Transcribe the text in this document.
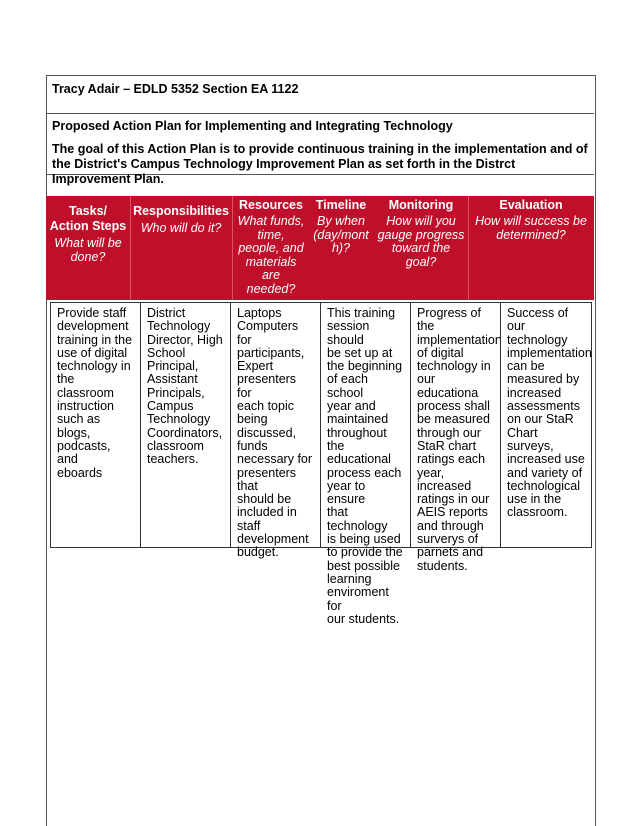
Tracy Adair – EDLD 5352 Section EA 1122
Proposed Action Plan for Implementing and Integrating Technology
The goal of this Action Plan is to provide continuous training in the implementation and of the District's Campus Technology Improvement Plan as set forth in the Distrct Improvement Plan.
Tasks/
Action Steps
What will be
done?
Responsibilities
Who will do it?
Resources
What funds,
time,
people, and
materials
are
needed?
Timeline
By when
(day/mont
h)?
Monitoring
How will you
gauge progress
toward the
goal?
Evaluation
How will success be
determined?
Provide staff
development
training in the
use of digital
technology in
the classroom
instruction
such as blogs,
podcasts, and
eboards
District
Technology
Director, High
School
Principal,
Assistant
Principals,
Campus
Technology
Coordinators,
classroom
teachers.
Laptops
Computers for
participants,
Expert
presenters for
each topic
being
discussed,
funds
necessary for
presenters that
should be
included in
staff
development
budget.
This training
session should
be set up at
the beginning
of each school
year and
maintained
throughout the
educational
process each
year to ensure
that technology
is being used
to provide the
best possible
learning
enviroment for
our students.
Progress of the
implementation
of digital
technology in
our educationa
process shall
be measured
through our
StaR chart
ratings each
year, increased
ratings in our
AEIS reports
and through
surverys of
parnets and
students.
Success of our
technology
implementation
can be
measured by
increased
assessments
on our StaR
Chart surveys,
increased use
and variety of
technological
use in the
classroom.
